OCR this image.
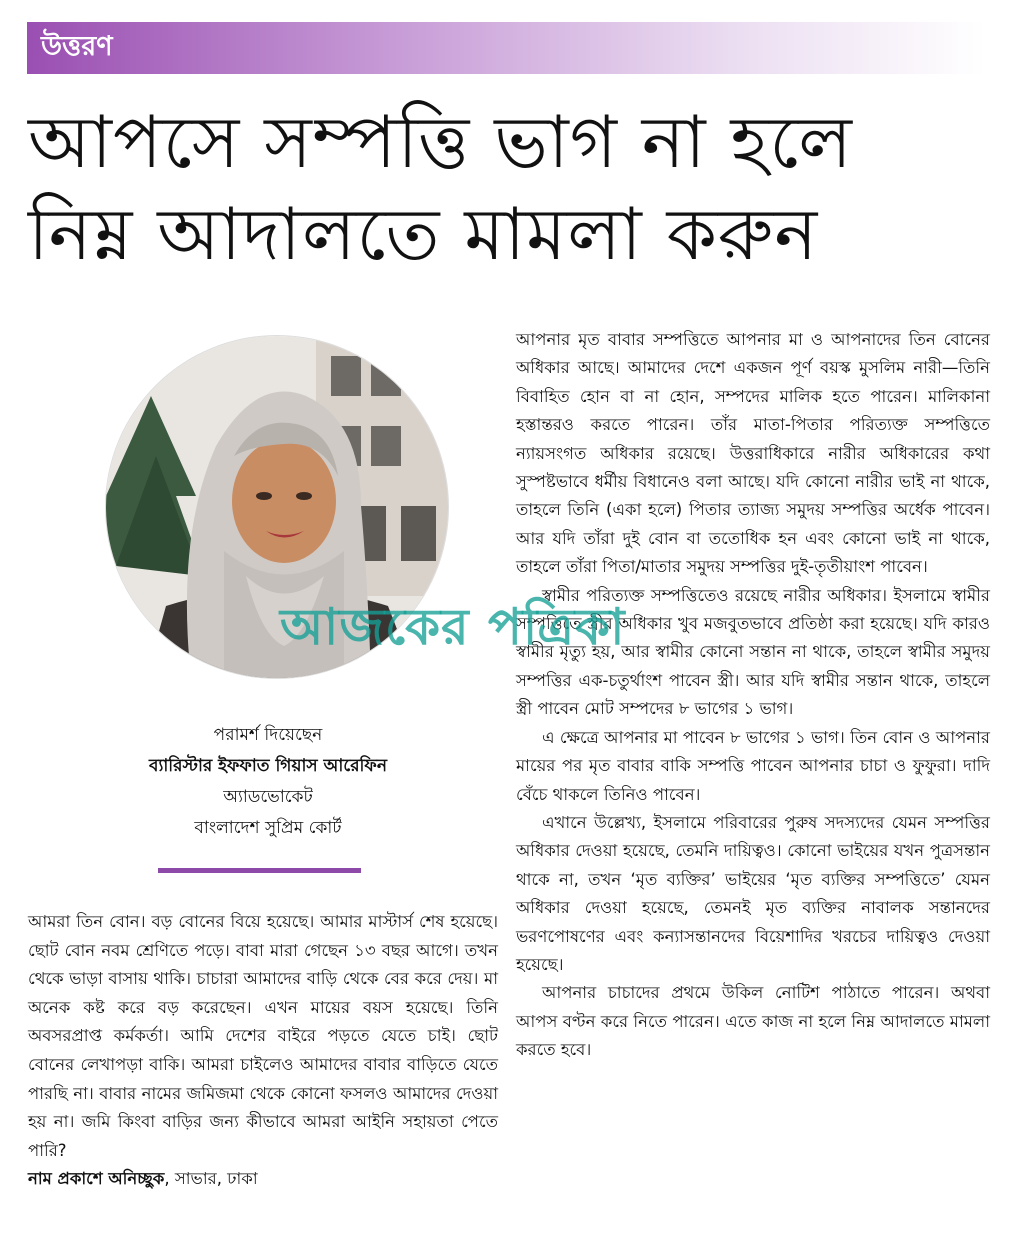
উত্তরণ
আপসে সম্পত্তি ভাগ না হলে
নিম্ন আদালতে মামলা করুন
পরামর্শ দিয়েছেন
ব্যারিস্টার ইফফাত গিয়াস আরেফিন
অ্যাডভোকেট
বাংলাদেশ সুপ্রিম কোর্ট

আমরা তিন বোন। বড় বোনের বিয়ে হয়েছে। আমার মাস্টার্স শেষ হয়েছে। ছোট বোন নবম শ্রেণিতে পড়ে। বাবা মারা গেছেন ১৩ বছর আগে। তখন থেকে ভাড়া বাসায় থাকি। চাচারা আমাদের বাড়ি থেকে বের করে দেয়। মা অনেক কষ্ট করে বড় করেছেন। এখন মায়ের বয়স হয়েছে। তিনি অবসরপ্রাপ্ত কর্মকর্তা। আমি দেশের বাইরে পড়তে যেতে চাই। ছোট বোনের লেখাপড়া বাকি। আমরা চাইলেও আমাদের বাবার বাড়িতে যেতে পারছি না। বাবার নামের জমিজমা থেকে কোনো ফসলও আমাদের দেওয়া হয় না। জমি কিংবা বাড়ির জন্য কীভাবে আমরা আইনি সহায়তা পেতে পারি?
নাম প্রকাশে অনিচ্ছুক, সাভার, ঢাকা

আপনার মৃত বাবার সম্পত্তিতে আপনার মা ও আপনাদের তিন বোনের অধিকার আছে। আমাদের দেশে একজন পূর্ণ বয়স্ক মুসলিম নারী—তিনি বিবাহিত হোন বা না হোন, সম্পদের মালিক হতে পারেন। মালিকানা হস্তান্তরও করতে পারেন। তাঁর মাতা-পিতার পরিত্যক্ত সম্পত্তিতে ন্যায়সংগত অধিকার রয়েছে। উত্তরাধিকারে নারীর অধিকারের কথা সুস্পষ্টভাবে ধর্মীয় বিধানেও বলা আছে। যদি কোনো নারীর ভাই না থাকে, তাহলে তিনি (একা হলে) পিতার ত্যাজ্য সমুদয় সম্পত্তির অর্ধেক পাবেন। আর যদি তাঁরা দুই বোন বা ততোধিক হন এবং কোনো ভাই না থাকে, তাহলে তাঁরা পিতা/মাতার সমুদয় সম্পত্তির দুই-তৃতীয়াংশ পাবেন।

স্বামীর পরিত্যক্ত সম্পত্তিতেও রয়েছে নারীর অধিকার। ইসলামে স্বামীর সম্পত্তিতে স্ত্রীর অধিকার খুব মজবুতভাবে প্রতিষ্ঠা করা হয়েছে। যদি কারও স্বামীর মৃত্যু হয়, আর স্বামীর কোনো সন্তান না থাকে, তাহলে স্বামীর সমুদয় সম্পত্তির এক-চতুর্থাংশ পাবেন স্ত্রী। আর যদি স্বামীর সন্তান থাকে, তাহলে স্ত্রী পাবেন মোট সম্পদের ৮ ভাগের ১ ভাগ।

এ ক্ষেত্রে আপনার মা পাবেন ৮ ভাগের ১ ভাগ। তিন বোন ও আপনার মায়ের পর মৃত বাবার বাকি সম্পত্তি পাবেন আপনার চাচা ও ফুফুরা। দাদি বেঁচে থাকলে তিনিও পাবেন।

এখানে উল্লেখ্য, ইসলামে পরিবারের পুরুষ সদস্যদের যেমন সম্পত্তির অধিকার দেওয়া হয়েছে, তেমনি দায়িত্বও। কোনো ভাইয়ের যখন পুত্রসন্তান থাকে না, তখন ‘মৃত ব্যক্তির’ ভাইয়ের ‘মৃত ব্যক্তির সম্পত্তিতে’ যেমন অধিকার দেওয়া হয়েছে, তেমনই মৃত ব্যক্তির নাবালক সন্তানদের ভরণপোষণের এবং কন্যাসন্তানদের বিয়েশাদির খরচের দায়িত্বও দেওয়া হয়েছে।

আপনার চাচাদের প্রথমে উকিল নোটিশ পাঠাতে পারেন। অথবা আপস বণ্টন করে নিতে পারেন। এতে কাজ না হলে নিম্ন আদালতে মামলা করতে হবে।

আজকের পত্রিকা
